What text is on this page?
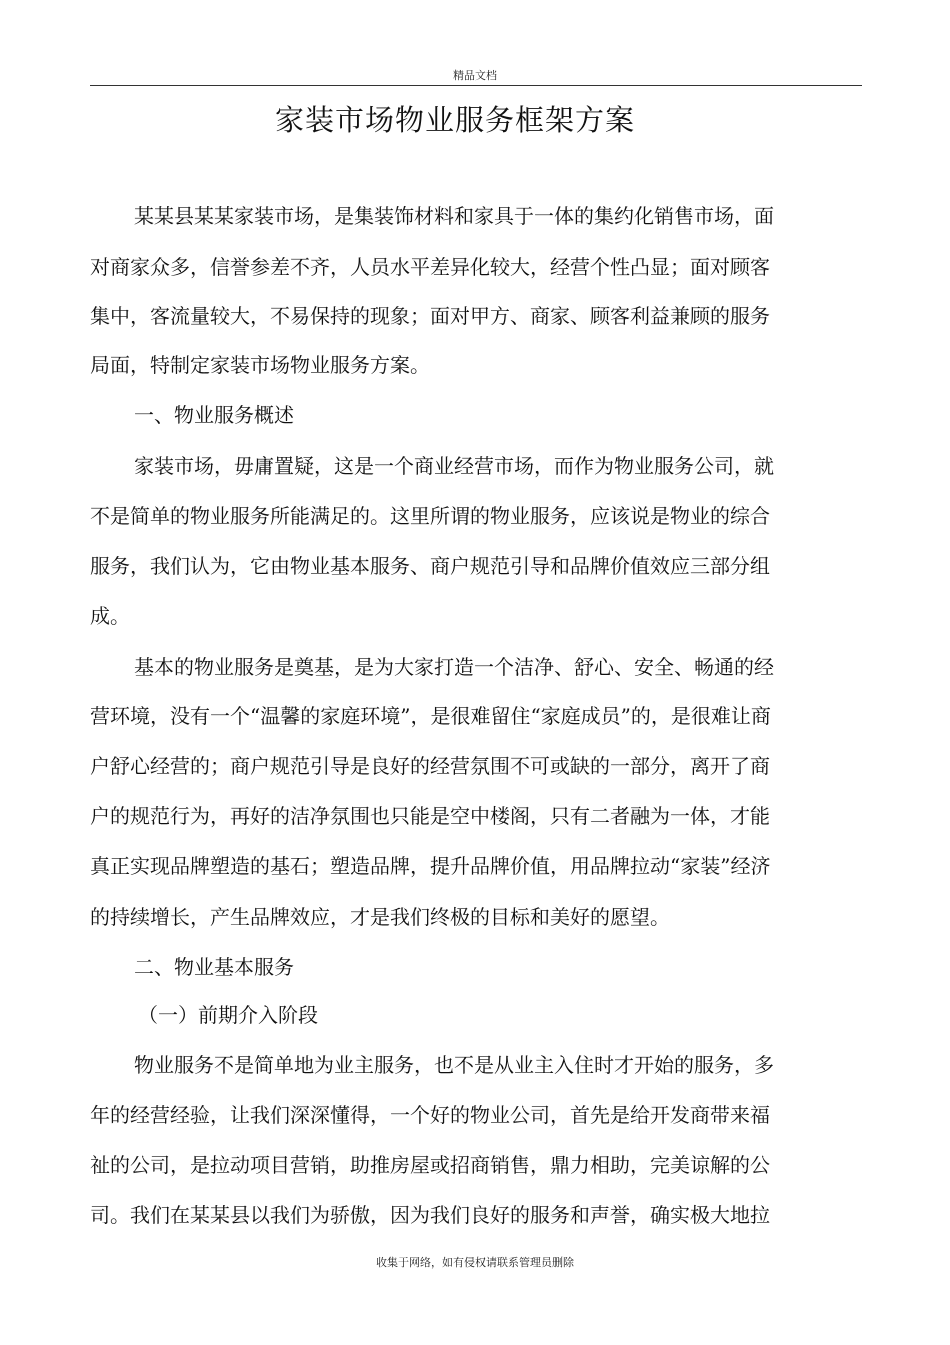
精品文档
家装市场物业服务框架方案
某某县某某家装市场，是集装饰材料和家具于一体的集约化销售市场，面
对商家众多，信誉参差不齐，人员水平差异化较大，经营个性凸显；面对顾客
集中，客流量较大，不易保持的现象；面对甲方、商家、顾客利益兼顾的服务
局面，特制定家装市场物业服务方案。
一、物业服务概述
家装市场，毋庸置疑，这是一个商业经营市场，而作为物业服务公司，就
不是简单的物业服务所能满足的。这里所谓的物业服务，应该说是物业的综合
服务，我们认为，它由物业基本服务、商户规范引导和品牌价值效应三部分组
成。
基本的物业服务是奠基，是为大家打造一个洁净、舒心、安全、畅通的经
营环境，没有一个“温馨的家庭环境”，是很难留住“家庭成员”的，是很难让商
户舒心经营的；商户规范引导是良好的经营氛围不可或缺的一部分，离开了商
户的规范行为，再好的洁净氛围也只能是空中楼阁，只有二者融为一体，才能
真正实现品牌塑造的基石；塑造品牌，提升品牌价值，用品牌拉动“家装”经济
的持续增长，产生品牌效应，才是我们终极的目标和美好的愿望。
二、物业基本服务
（一）前期介入阶段
物业服务不是简单地为业主服务，也不是从业主入住时才开始的服务，多
年的经营经验，让我们深深懂得，一个好的物业公司，首先是给开发商带来福
祉的公司，是拉动项目营销，助推房屋或招商销售，鼎力相助，完美谅解的公
司。我们在某某县以我们为骄傲，因为我们良好的服务和声誉，确实极大地拉
收集于网络，如有侵权请联系管理员删除
